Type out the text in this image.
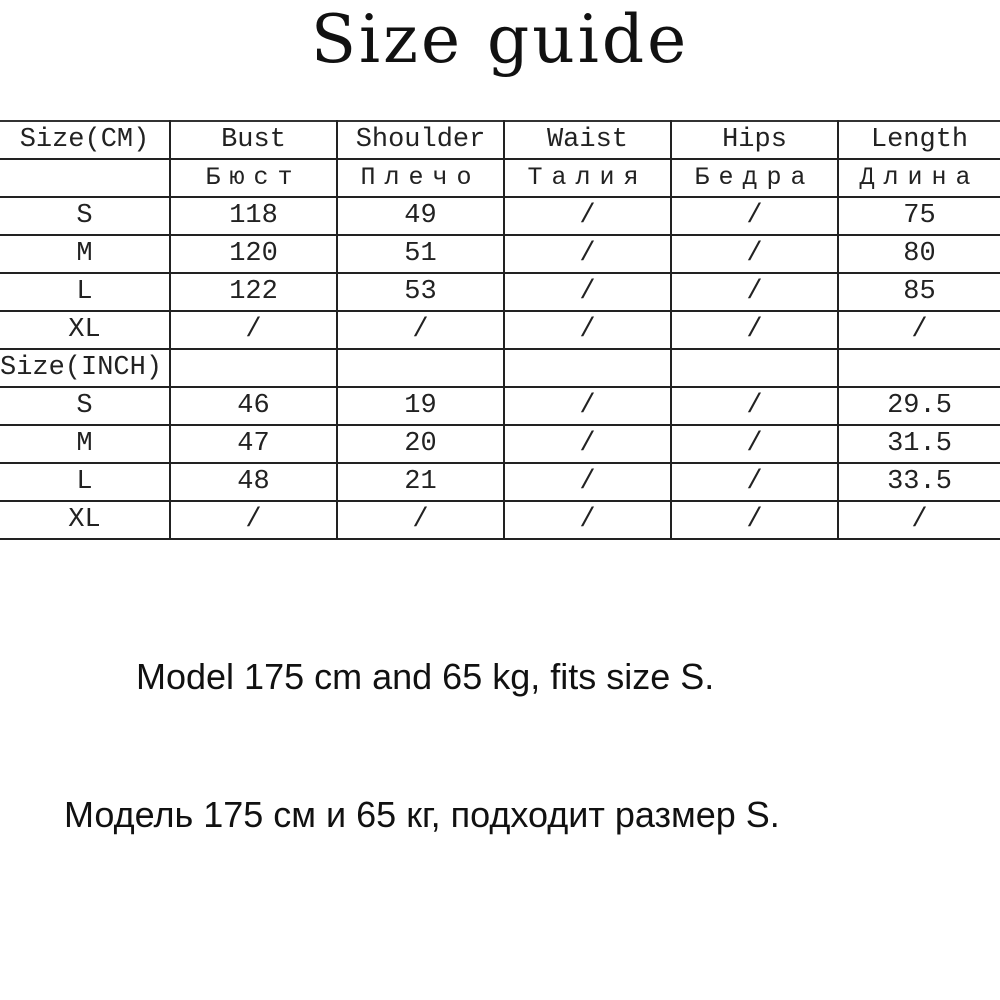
Size guide
Size(CM)	Bust	Shoulder	Waist	Hips	Length
	Бюст	Плечо	Талия	Бедра	Длина
S	118	49	/	/	75
M	120	51	/	/	80
L	122	53	/	/	85
XL	/	/	/	/	/
Size(INCH)					
S	46	19	/	/	29.5
M	47	20	/	/	31.5
L	48	21	/	/	33.5
XL	/	/	/	/	/
Model 175 cm and 65 kg, fits size S.
Модель 175 см и 65 кг, подходит размер S.
